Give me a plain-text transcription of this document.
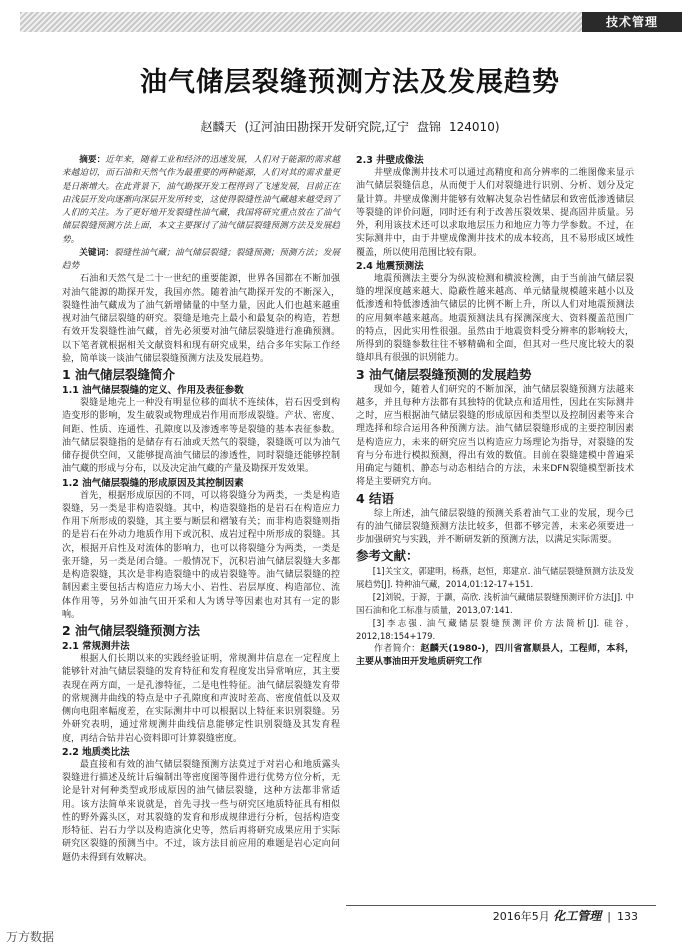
技术管理
油气储层裂缝预测方法及发展趋势
赵麟天 (辽河油田勘探开发研究院,辽宁 盘锦 124010)

摘要：近年来，随着工业和经济的迅速发展，人们对于能源的需求越来越迫切，而石油和天然气作为最重要的两种能源，人们对其的需求量更是日渐增大。在此背景下，油气勘探开发工程得到了飞速发展，目前正在由浅层开发向逐渐向深层开发所转变，这使得裂缝性油气藏越来越受到了人们的关注。为了更好地开发裂缝性油气藏，我国将研究重点放在了油气储层裂缝预测方法上面，本文主要探讨了油气储层裂缝预测方法及发展趋势。

关键词：裂缝性油气藏；油气储层裂缝；裂缝预测；预测方法；发展趋势

石油和天然气是二十一世纪的重要能源，世界各国都在不断加强对油气能源的勘探开发，我国亦然。随着油气勘探开发的不断深入，裂缝性油气藏成为了油气新增储量的中坚力量，因此人们也越来越重视对油气储层裂缝的研究。裂缝是地壳上最小和最复杂的构造，若想有效开发裂缝性油气藏，首先必须要对油气储层裂缝进行准确预测。以下笔者就根据相关文献资料和现有研究成果，结合多年实际工作经验，简单谈一谈油气储层裂缝预测方法及发展趋势。

1 油气储层裂缝简介
1.1 油气储层裂缝的定义、作用及表征参数

裂缝是地壳上一种没有明显位移的面状不连续体，岩石因受到构造变形的影响，发生破裂或物理成岩作用而形成裂缝。产状、密度、间距、性质、连通性、孔隙度以及渗透率等是裂缝的基本表征参数。油气储层裂缝指的是储存有石油或天然气的裂缝，裂缝既可以为油气储存提供空间，又能够提高油气储层的渗透性，同时裂缝还能够控制油气藏的形成与分布，以及决定油气藏的产量及勘探开发效果。

1.2 油气储层裂缝的形成原因及其控制因素

首先，根据形成原因的不同，可以将裂缝分为两类，一类是构造裂缝，另一类是非构造裂缝。其中，构造裂缝指的是岩石在构造应力作用下所形成的裂缝，其主要与断层和褶皱有关；而非构造裂缝则指的是岩石在外动力地质作用下或沉积、成岩过程中所形成的裂缝。其次，根据开启性及对流体的影响力，也可以将裂缝分为两类，一类是张开缝，另一类是闭合缝。一般情况下，沉积岩油气储层裂缝大多都是构造裂缝，其次是非构造裂缝中的成岩裂缝等。油气储层裂缝的控制因素主要包括古构造应力场大小、岩性、岩层厚度、构造部位、流体作用等，另外如油气田开采和人为诱导等因素也对其有一定的影响。

2 油气储层裂缝预测方法
2.1 常规测井法

根据人们长期以来的实践经验证明，常规测井信息在一定程度上能够针对油气储层裂缝的发育特征和发育程度发出异常响应，其主要表现在两方面，一是孔渗特征，二是电性特征。油气储层裂缝发育带的常规测井曲线的特点是中子孔隙度和声波时差高、密度值低以及双侧向电阻率幅度差，在实际测井中可以根据以上特征来识别裂缝。另外研究表明，通过常规测井曲线信息能够定性识别裂缝及其发育程度，再结合钻井岩心资料即可计算裂缝密度。

2.2 地质类比法

最直接和有效的油气储层裂缝预测方法莫过于对岩心和地质露头裂缝进行描述及统计后编制出等密度图等图件进行优势方位分析，无论是针对何种类型或形成原因的油气储层裂缝，这种方法都非常适用。该方法简单来说就是，首先寻找一些与研究区地质特征具有相似性的野外露头区，对其裂缝的发育和形成规律进行分析，包括构造变形特征、岩石力学以及构造演化史等，然后再将研究成果应用于实际研究区裂缝的预测当中。不过，该方法目前应用的难题是岩心定向问题仍未得到有效解决。

2.3 井壁成像法

井壁成像测井技术可以通过高精度和高分辨率的二维图像来显示油气储层裂缝信息，从而便于人们对裂缝进行识别、分析、划分及定量计算。井壁成像测井能够有效解决复杂岩性储层和致密低渗透储层等裂缝的评价问题，同时还有利于改善压裂效果、提高固井质量。另外，利用该技术还可以求取地层压力和地应力等力学参数。不过，在实际测井中，由于井壁成像测井技术的成本较高，且不易形成区域性覆盖，所以使用范围比较有限。

2.4 地震预测法

地震预测法主要分为纵波检测和横波检测，由于当前油气储层裂缝的埋深度越来越大、隐蔽性越来越高、单元储量规模越来越小以及低渗透和特低渗透油气储层的比例不断上升，所以人们对地震预测法的应用频率越来越高。地震预测法具有探测深度大、资料覆盖范围广的特点，因此实用性很强。虽然由于地震资料受分辨率的影响较大，所得到的裂缝参数往往不够精确和全面，但其对一些尺度比较大的裂缝却具有很强的识别能力。

3 油气储层裂缝预测的发展趋势

现如今，随着人们研究的不断加深，油气储层裂缝预测方法越来越多，并且每种方法都有其独特的优缺点和适用性，因此在实际测井之时，应当根据油气储层裂缝的形成原因和类型以及控制因素等来合理选择和综合运用各种预测方法。油气储层裂缝形成的主要控制因素是构造应力，未来的研究应当以构造应力场理论为指导，对裂缝的发育与分布进行模拟预测，得出有效的数值。目前在裂缝建模中普遍采用确定与随机、静态与动态相结合的方法，未来DFN裂缝模型新技术将是主要研究方向。

4 结语

综上所述，油气储层裂缝的预测关系着油气工业的发展，现今已有的油气储层裂缝预测方法比较多，但都不够完善，未来必须要进一步加强研究与实践，并不断研发新的预测方法，以满足实际需要。

参考文献：
[1]关宝文，郭建明，杨燕，赵恒，郑建京. 油气储层裂缝预测方法及发展趋势[J]. 特种油气藏，2014,01:12-17+151.
[2]刘锐，于源，于灏，高欣. 浅析油气藏储层裂缝预测评价方法[J]. 中国石油和化工标准与质量，2013,07:141.
[3]李志强. 油气藏储层裂缝预测评价方法简析[J]. 硅谷，2012,18:154+179.
作者简介：赵麟天(1980-)，四川省富顺县人，工程师，本科，主要从事油田开发地质研究工作
2016年5月 化工管理 | 133
万方数据
